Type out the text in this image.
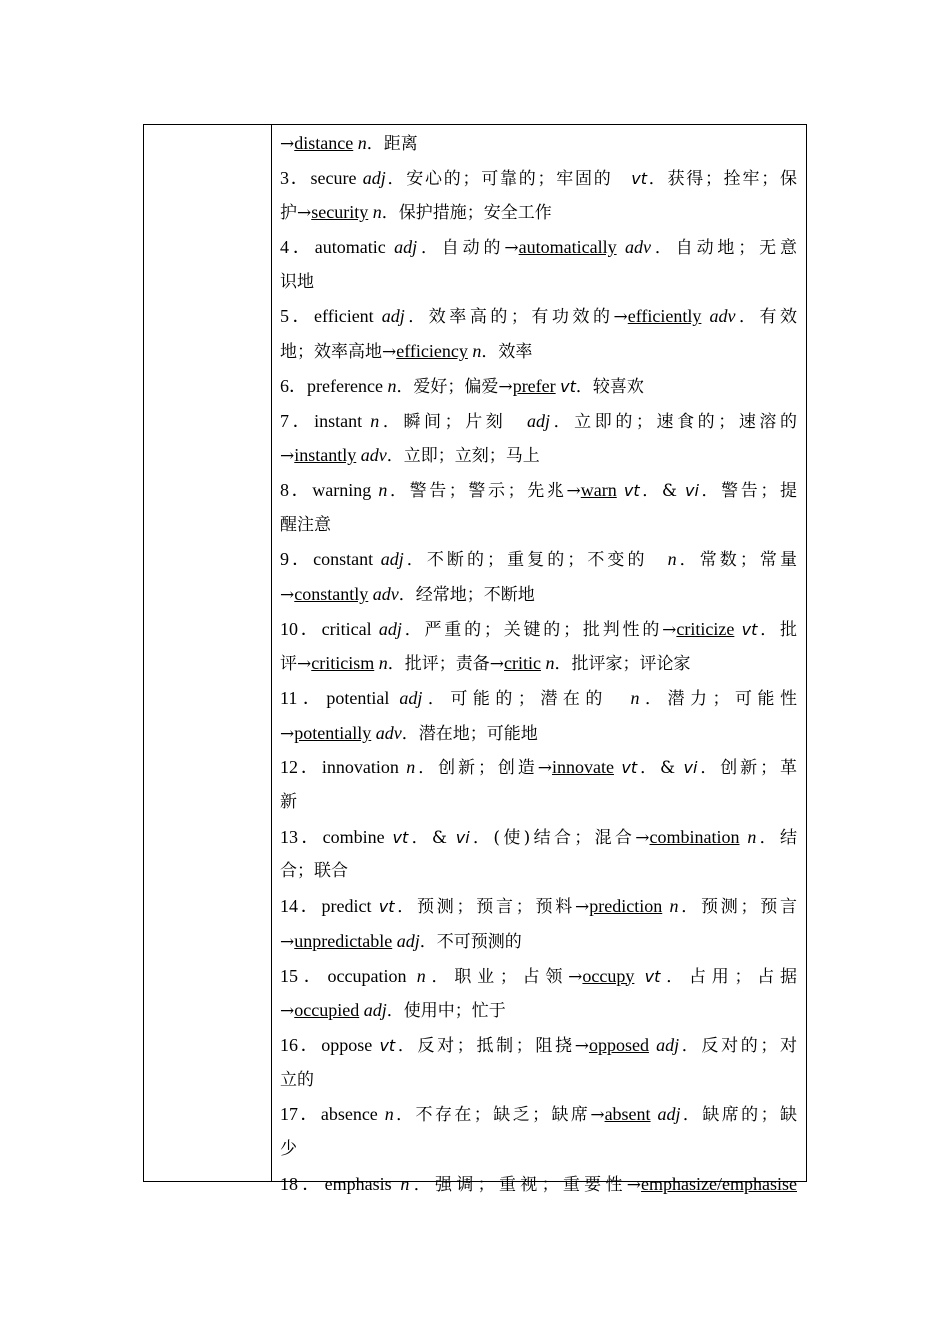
→distance n．距离
3．secure adj．安心的；可靠的；牢固的　vt．获得；拴牢；保
护→security n．保护措施；安全工作
4．automatic adj．自动的→automatically adv．自动地；无意
识地
5．efficient adj．效率高的；有功效的→efficiently adv．有效
地；效率高地→efficiency n．效率
6．preference n．爱好；偏爱→prefer vt．较喜欢
7．instant n．瞬间；片刻　adj．立即的；速食的；速溶的
→instantly adv．立即；立刻；马上
8．warning n．警告；警示；先兆→warn vt．& vi．警告；提
醒注意
9．constant adj．不断的；重复的；不变的　n．常数；常量
→constantly adv．经常地；不断地
10．critical adj．严重的；关键的；批判性的→criticize vt．批
评→criticism n．批评；责备→critic n．批评家；评论家
11．potential adj．可能的；潜在的　n．潜力；可能性
→potentially adv．潜在地；可能地
12．innovation n．创新；创造→innovate vt．& vi．创新；革
新
13．combine vt．& vi．(使)结合；混合→combination n．结
合；联合
14．predict vt．预测；预言；预料→prediction n．预测；预言
→unpredictable adj．不可预测的
15．occupation n．职业；占领→occupy vt．占用；占据
→occupied adj．使用中；忙于
16．oppose vt．反对；抵制；阻挠→opposed adj．反对的；对
立的
17．absence n．不存在；缺乏；缺席→absent adj．缺席的；缺
少
18．emphasis n．强调；重视；重要性→emphasize/emphasise
